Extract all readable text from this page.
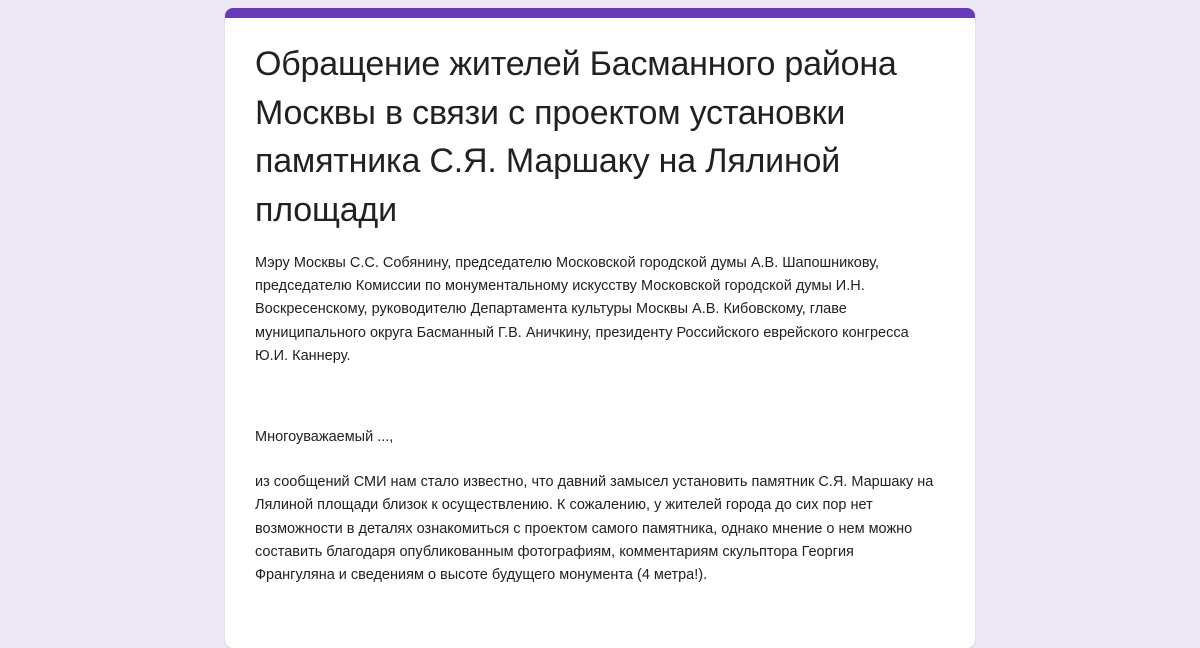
Обращение жителей Басманного района Москвы в связи с проектом установки памятника С.Я. Маршаку на Лялиной площади

Мэру Москвы С.С. Собянину, председателю Московской городской думы А.В. Шапошникову, председателю Комиссии по монументальному искусству Московской городской думы И.Н. Воскресенскому, руководителю Департамента культуры Москвы А.В. Кибовскому, главе муниципального округа Басманный Г.В. Аничкину, президенту Российского еврейского конгресса Ю.И. Каннеру.

Многоуважаемый ...,

из сообщений СМИ нам стало известно, что давний замысел установить памятник С.Я. Маршаку на Лялиной площади близок к осуществлению. К сожалению, у жителей города до сих пор нет возможности в деталях ознакомиться с проектом самого памятника, однако мнение о нем можно составить благодаря опубликованным фотографиям, комментариям скульптора Георгия Франгуляна и сведениям о высоте будущего монумента (4 метра!).
